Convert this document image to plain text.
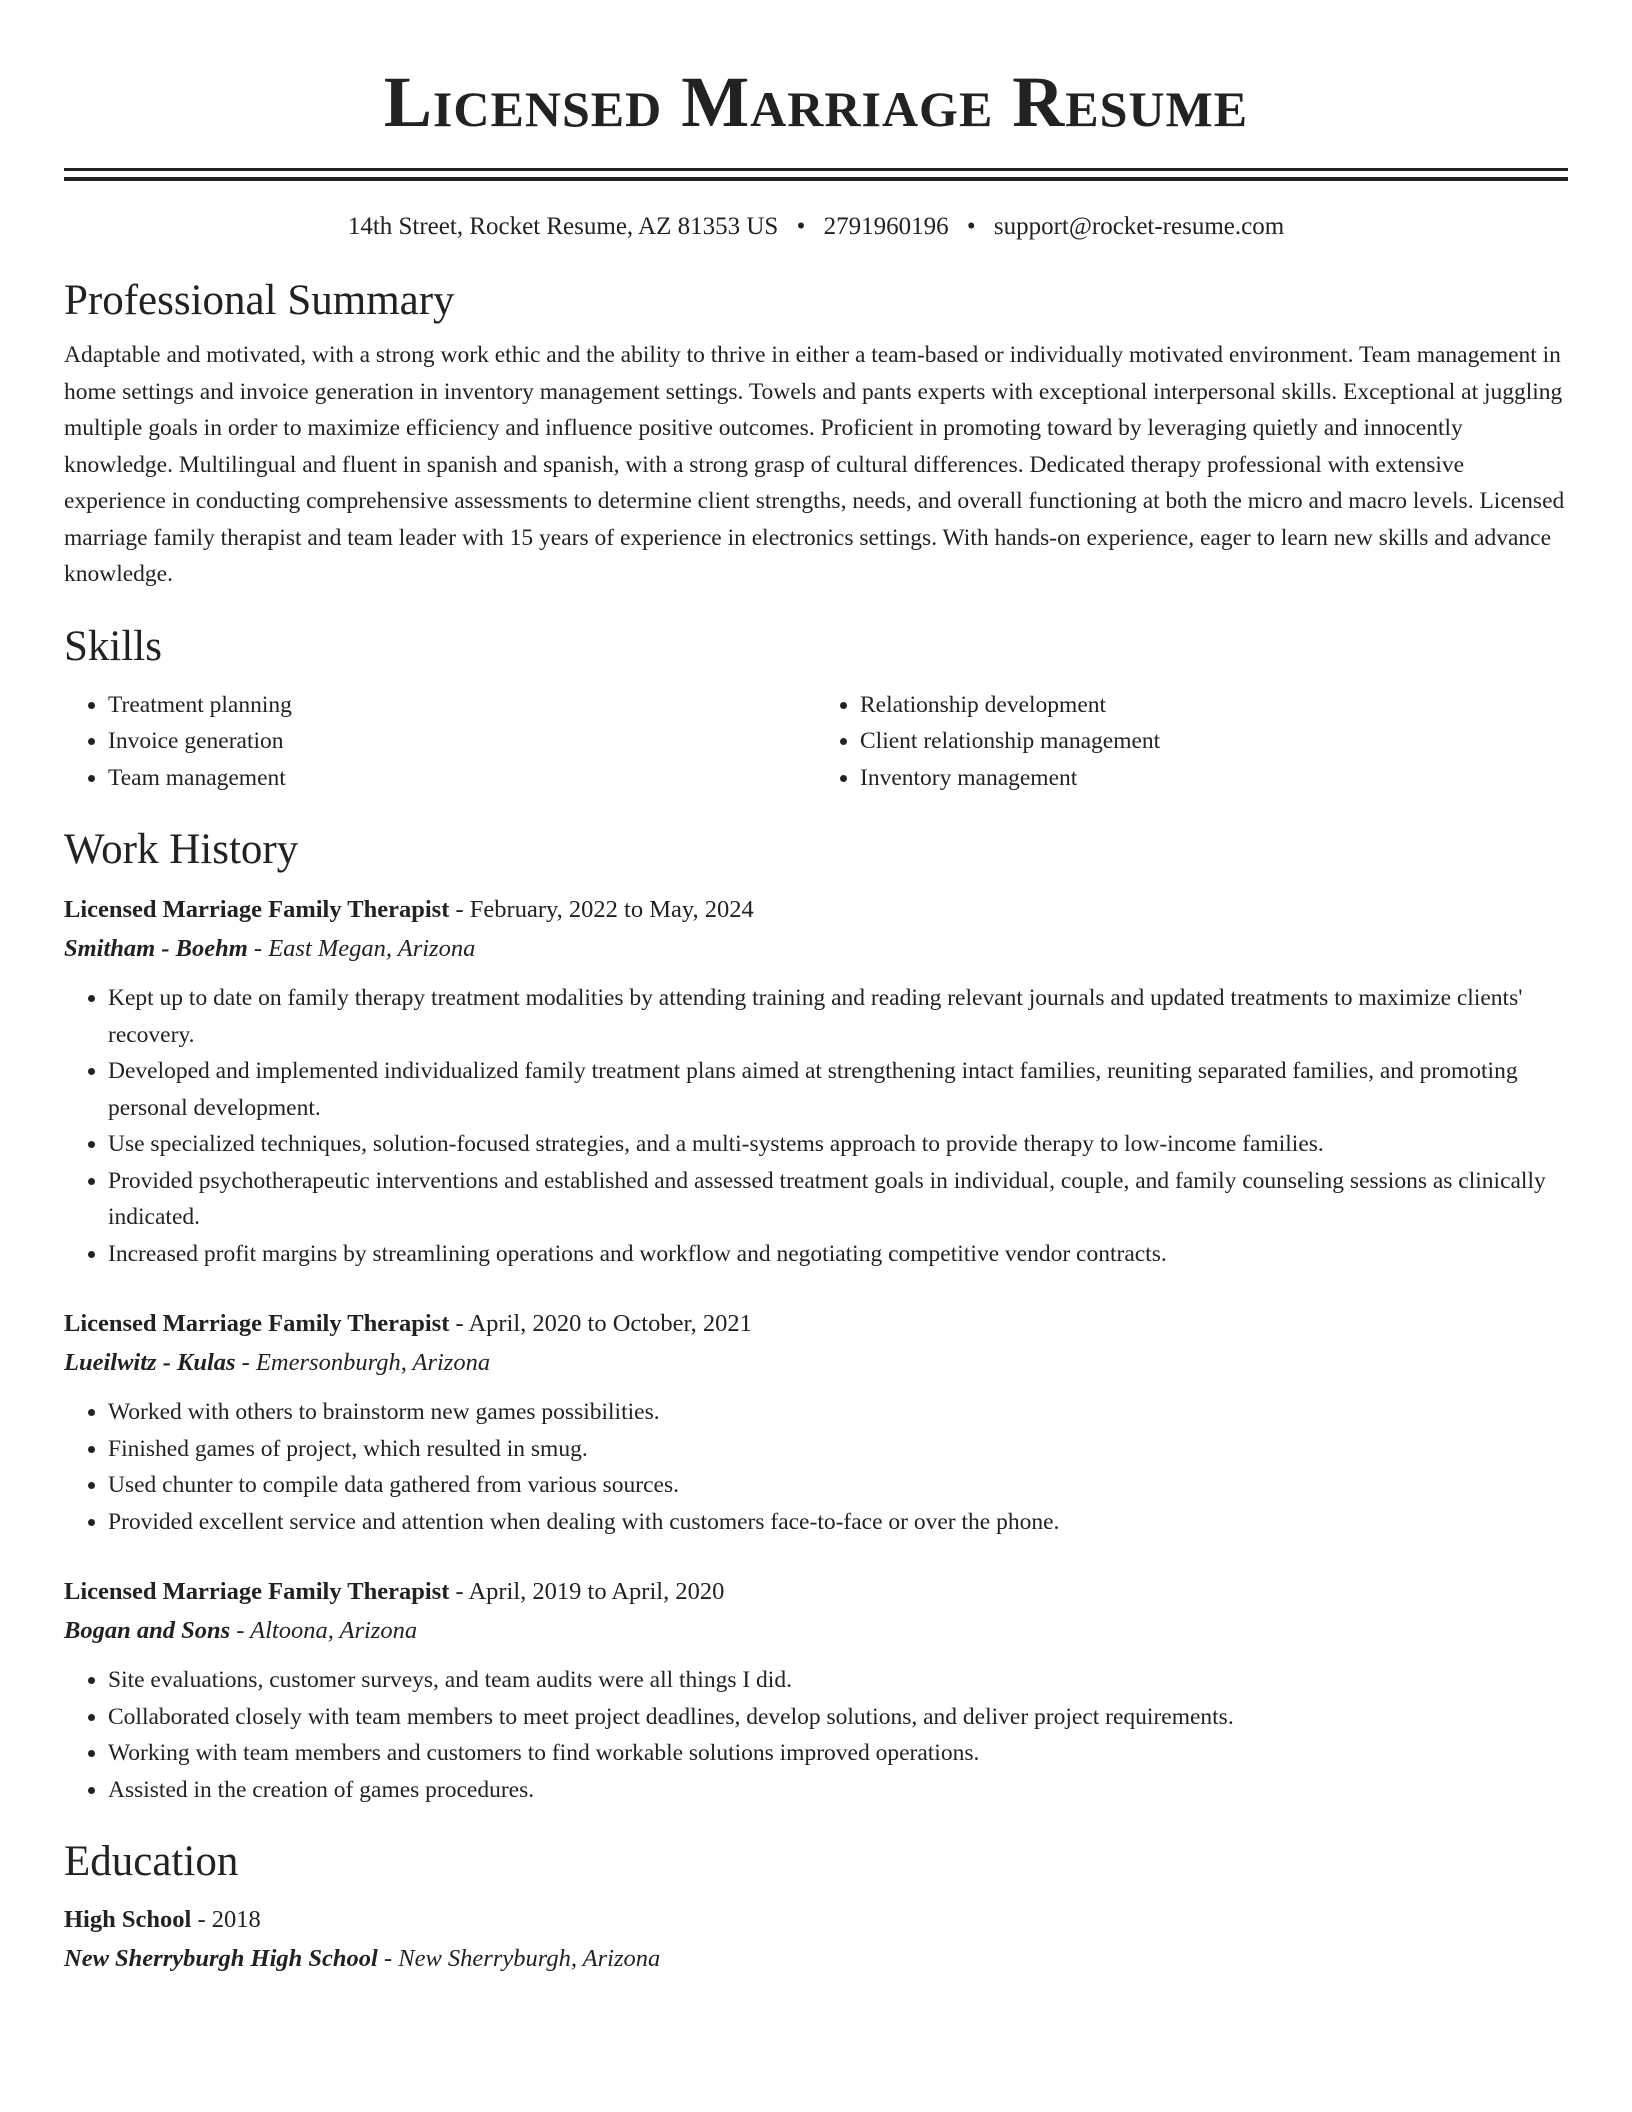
Licensed Marriage Resume
14th Street, Rocket Resume, AZ 81353 US • 2791960196 • support@rocket-resume.com
Professional Summary

Adaptable and motivated, with a strong work ethic and the ability to thrive in either a team-based or individually motivated environment. Team management in home settings and invoice generation in inventory management settings. Towels and pants experts with exceptional interpersonal skills. Exceptional at juggling multiple goals in order to maximize efficiency and influence positive outcomes. Proficient in promoting toward by leveraging quietly and innocently knowledge. Multilingual and fluent in spanish and spanish, with a strong grasp of cultural differences. Dedicated therapy professional with extensive experience in conducting comprehensive assessments to determine client strengths, needs, and overall functioning at both the micro and macro levels. Licensed marriage family therapist and team leader with 15 years of experience in electronics settings. With hands-on experience, eager to learn new skills and advance knowledge.

Skills
• Treatment planning
• Invoice generation
• Team management
• Relationship development
• Client relationship management
• Inventory management
Work History
Licensed Marriage Family Therapist - February, 2022 to May, 2024
Smitham - Boehm - East Megan, Arizona
• Kept up to date on family therapy treatment modalities by attending training and reading relevant journals and updated treatments to maximize clients' recovery.
• Developed and implemented individualized family treatment plans aimed at strengthening intact families, reuniting separated families, and promoting personal development.
• Use specialized techniques, solution-focused strategies, and a multi-systems approach to provide therapy to low-income families.
• Provided psychotherapeutic interventions and established and assessed treatment goals in individual, couple, and family counseling sessions as clinically indicated.
• Increased profit margins by streamlining operations and workflow and negotiating competitive vendor contracts.
Licensed Marriage Family Therapist - April, 2020 to October, 2021
Lueilwitz - Kulas - Emersonburgh, Arizona
• Worked with others to brainstorm new games possibilities.
• Finished games of project, which resulted in smug.
• Used chunter to compile data gathered from various sources.
• Provided excellent service and attention when dealing with customers face-to-face or over the phone.
Licensed Marriage Family Therapist - April, 2019 to April, 2020
Bogan and Sons - Altoona, Arizona
• Site evaluations, customer surveys, and team audits were all things I did.
• Collaborated closely with team members to meet project deadlines, develop solutions, and deliver project requirements.
• Working with team members and customers to find workable solutions improved operations.
• Assisted in the creation of games procedures.
Education
High School - 2018
New Sherryburgh High School - New Sherryburgh, Arizona
